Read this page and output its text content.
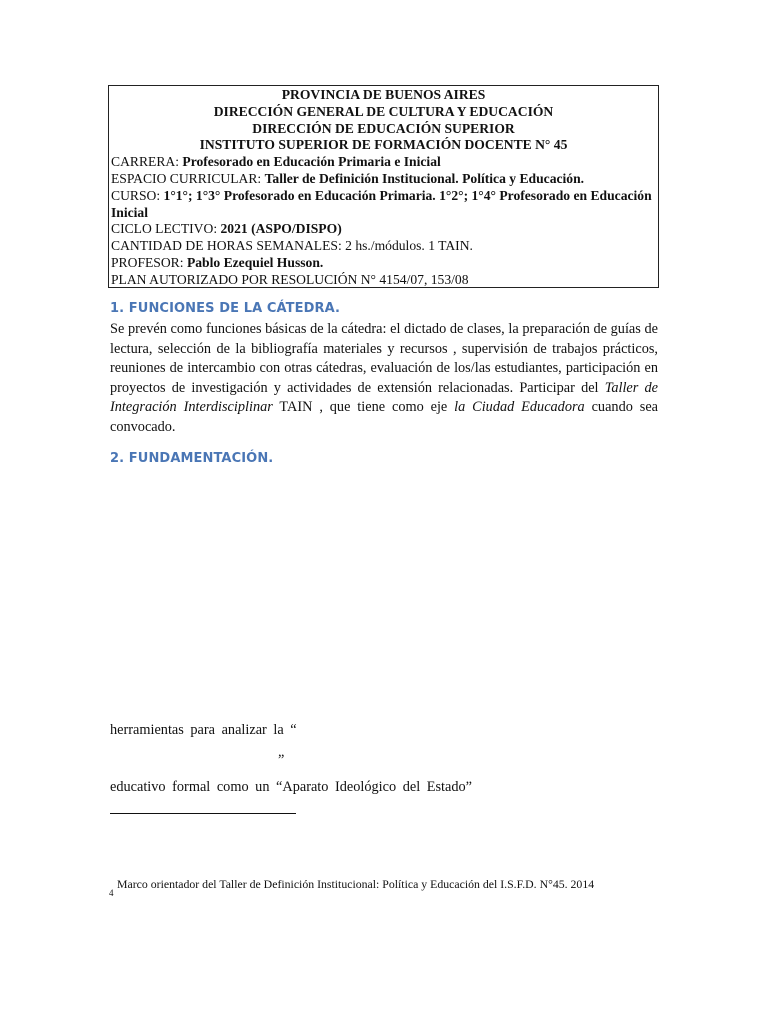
PROVINCIA DE BUENOS AIRES
DIRECCIÓN GENERAL DE CULTURA Y EDUCACIÓN
DIRECCIÓN DE EDUCACIÓN SUPERIOR
INSTITUTO SUPERIOR DE FORMACIÓN DOCENTE N° 45
CARRERA: Profesorado en Educación Primaria e Inicial
ESPACIO CURRICULAR: Taller de Definición Institucional. Política y Educación.
CURSO: 1°1°; 1°3° Profesorado en Educación Primaria. 1°2°; 1°4° Profesorado en Educación Inicial
CICLO LECTIVO: 2021 (ASPO/DISPO)
CANTIDAD DE HORAS SEMANALES: 2 hs./módulos. 1 TAIN.
PROFESOR: Pablo Ezequiel Husson.
PLAN AUTORIZADO POR RESOLUCIÓN N° 4154/07, 153/08
1. FUNCIONES DE LA CÁTEDRA.
Se prevén como funciones básicas de la cátedra: el dictado de clases, la preparación de guías de lectura, selección de la bibliografía materiales y recursos , supervisión de trabajos prácticos, reuniones de intercambio con otras cátedras, evaluación de los/las estudiantes, participación en proyectos de investigación y actividades de extensión relacionadas. Participar del Taller de Integración Interdisciplinar TAIN , que tiene como eje la Ciudad Educadora cuando sea convocado.
2. FUNDAMENTACIÓN.
herramientas para analizar la “
”
educativo formal como un “Aparato Ideológico del Estado”
4
Marco orientador del Taller de Definición Institucional: Política y Educación del I.S.F.D. N°45. 2014
